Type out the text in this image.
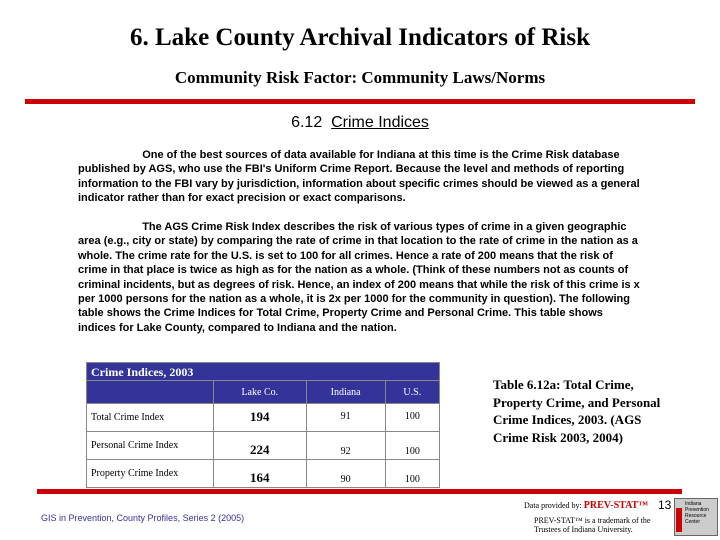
6. Lake County Archival Indicators of Risk
Community Risk Factor: Community Laws/Norms
6.12 Crime Indices
One of the best sources of data available for Indiana at this time is the Crime Risk database published by AGS, who use the FBI's Uniform Crime Report. Because the level and methods of reporting information to the FBI vary by jurisdiction, information about specific crimes should be viewed as a general indicator rather than for exact precision or exact comparisons.
The AGS Crime Risk Index describes the risk of various types of crime in a given geographic area (e.g., city or state) by comparing the rate of crime in that location to the rate of crime in the nation as a whole. The crime rate for the U.S. is set to 100 for all crimes. Hence a rate of 200 means that the risk of crime in that place is twice as high as for the nation as a whole. (Think of these numbers not as counts of criminal incidents, but as degrees of risk. Hence, an index of 200 means that while the risk of this crime is x per 1000 persons for the nation as a whole, it is 2x per 1000 for the community in question). The following table shows the Crime Indices for Total Crime, Property Crime and Personal Crime. This table shows indices for Lake County, compared to Indiana and the nation.
Crime Indices, 2003			
	Lake Co.	Indiana	U.S.
Total Crime Index	194	91	100
Personal Crime Index	224	92	100
Property Crime Index	164	90	100
Table 6.12a: Total Crime, Property Crime, and Personal Crime Indices, 2003. (AGS Crime Risk 2003, 2004)
GIS in Prevention, County Profiles, Series 2 (2005)
Data provided by: PREV-STAT™
PREV-STAT™ is a trademark of the Trustees of Indiana University.
Indiana Prevention Resource Center
13
